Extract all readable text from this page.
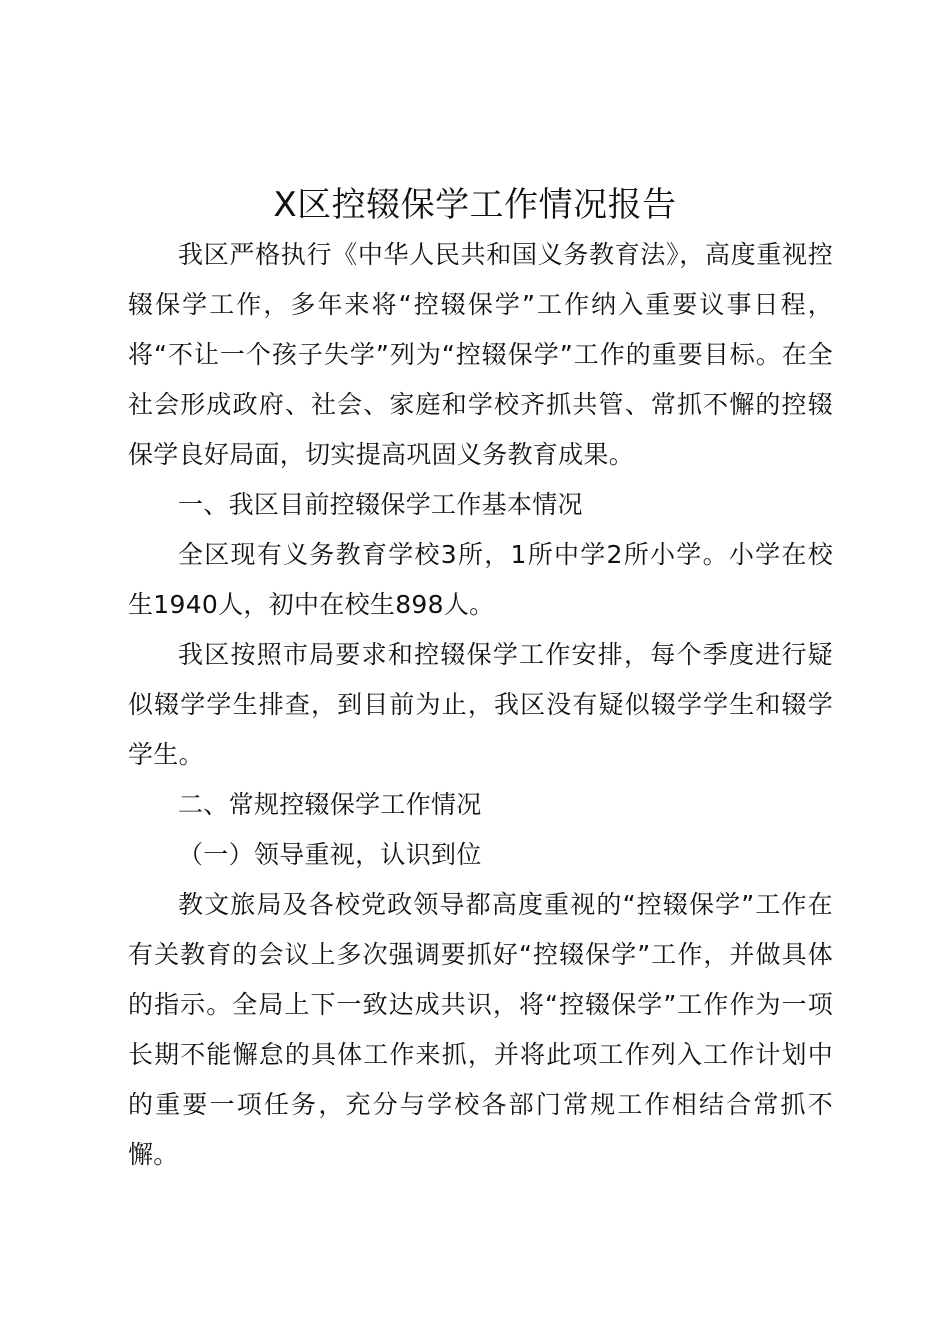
X区控辍保学工作情况报告

我区严格执行《中华人民共和国义务教育法》，高度重视控辍保学工作，多年来将“控辍保学”工作纳入重要议事日程，将“不让一个孩子失学”列为“控辍保学”工作的重要目标。在全社会形成政府、社会、家庭和学校齐抓共管、常抓不懈的控辍保学良好局面，切实提高巩固义务教育成果。

一、我区目前控辍保学工作基本情况

全区现有义务教育学校3所，1所中学2所小学。小学在校生1940人，初中在校生898人。

我区按照市局要求和控辍保学工作安排，每个季度进行疑似辍学学生排查，到目前为止，我区没有疑似辍学学生和辍学学生。

二、常规控辍保学工作情况

（一）领导重视，认识到位

教文旅局及各校党政领导都高度重视的“控辍保学”工作在有关教育的会议上多次强调要抓好“控辍保学”工作，并做具体的指示。全局上下一致达成共识，将“控辍保学”工作作为一项长期不能懈怠的具体工作来抓，并将此项工作列入工作计划中的重要一项任务，充分与学校各部门常规工作相结合常抓不懈。
